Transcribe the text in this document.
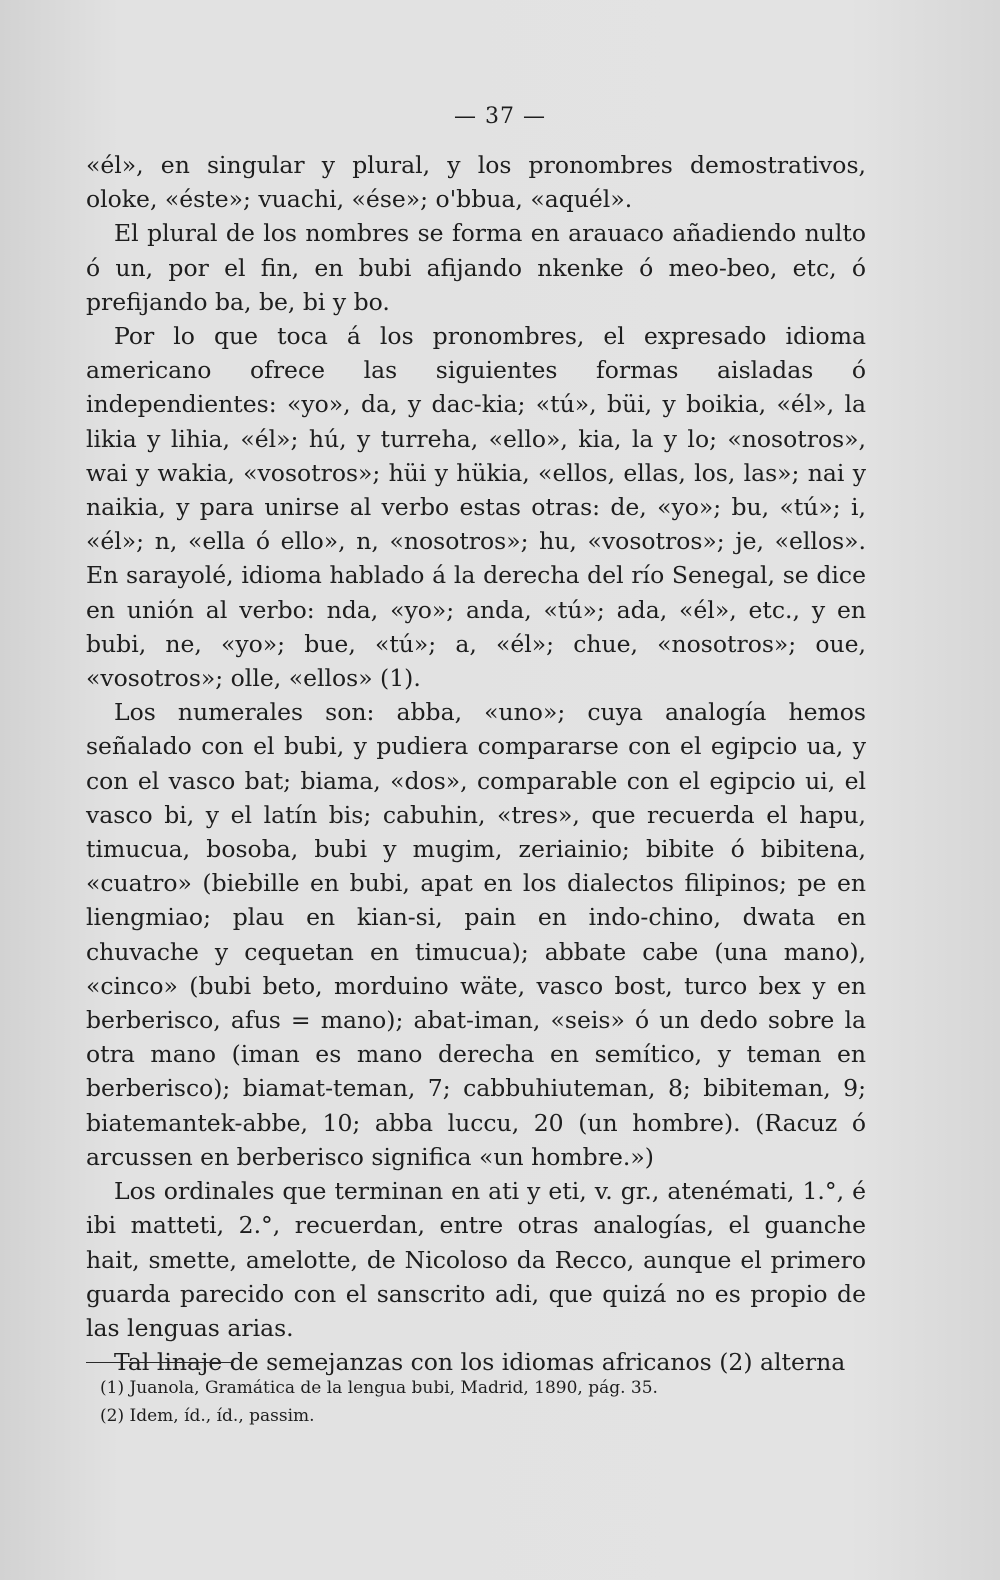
— 37 —

«él», en singular y plural, y los pronombres demostrativos, oloke, «éste»; vuachi, «ése»; o'bbua, «aquél».

El plural de los nombres se forma en arauaco añadiendo nulto ó un, por el fin, en bubi afijando nkenke ó meo-beo, etc, ó prefijando ba, be, bi y bo.

Por lo que toca á los pronombres, el expresado idioma americano ofrece las siguientes formas aisladas ó independientes: «yo», da, y dac-kia; «tú», büi, y boikia, «él», la likia y lihia, «él»; hú, y turreha, «ello», kia, la y lo; «nosotros», wai y wakia, «vosotros»; hüi y hükia, «ellos, ellas, los, las»; nai y naikia, y para unirse al verbo estas otras: de, «yo»; bu, «tú»; i, «él»; n, «ella ó ello», n, «nosotros»; hu, «vosotros»; je, «ellos». En sarayolé, idioma hablado á la derecha del río Senegal, se dice en unión al verbo: nda, «yo»; anda, «tú»; ada, «él», etc., y en bubi, ne, «yo»; bue, «tú»; a, «él»; chue, «nosotros»; oue, «vosotros»; olle, «ellos» (1).

Los numerales son: abba, «uno»; cuya analogía hemos señalado con el bubi, y pudiera compararse con el egipcio ua, y con el vasco bat; biama, «dos», comparable con el egipcio ui, el vasco bi, y el latín bis; cabuhin, «tres», que recuerda el hapu, timucua, bosoba, bubi y mugim, zeriainio; bibite ó bibitena, «cuatro» (biebille en bubi, apat en los dialectos filipinos; pe en liengmiao; plau en kian-si, pain en indo-chino, dwata en chuvache y cequetan en timucua); abbate cabe (una mano), «cinco» (bubi beto, morduino wäte, vasco bost, turco bex y en berberisco, afus = mano); abat-iman, «seis» ó un dedo sobre la otra mano (iman es mano derecha en semítico, y teman en berberisco); biamat-teman, 7; cabbuhiuteman, 8; bibiteman, 9; biatemantek-abbe, 10; abba luccu, 20 (un hombre). (Racuz ó arcussen en berberisco significa «un hombre.»)

Los ordinales que terminan en ati y eti, v. gr., atenémati, 1.°, é ibi matteti, 2.°, recuerdan, entre otras analogías, el guanche hait, smette, amelotte, de Nicoloso da Recco, aunque el primero guarda parecido con el sanscrito adi, que quizá no es propio de las lenguas arias.

Tal linaje de semejanzas con los idiomas africanos (2) alterna

(1) Juanola, Gramática de la lengua bubi, Madrid, 1890, pág. 35.
(2) Idem, íd., íd., passim.
